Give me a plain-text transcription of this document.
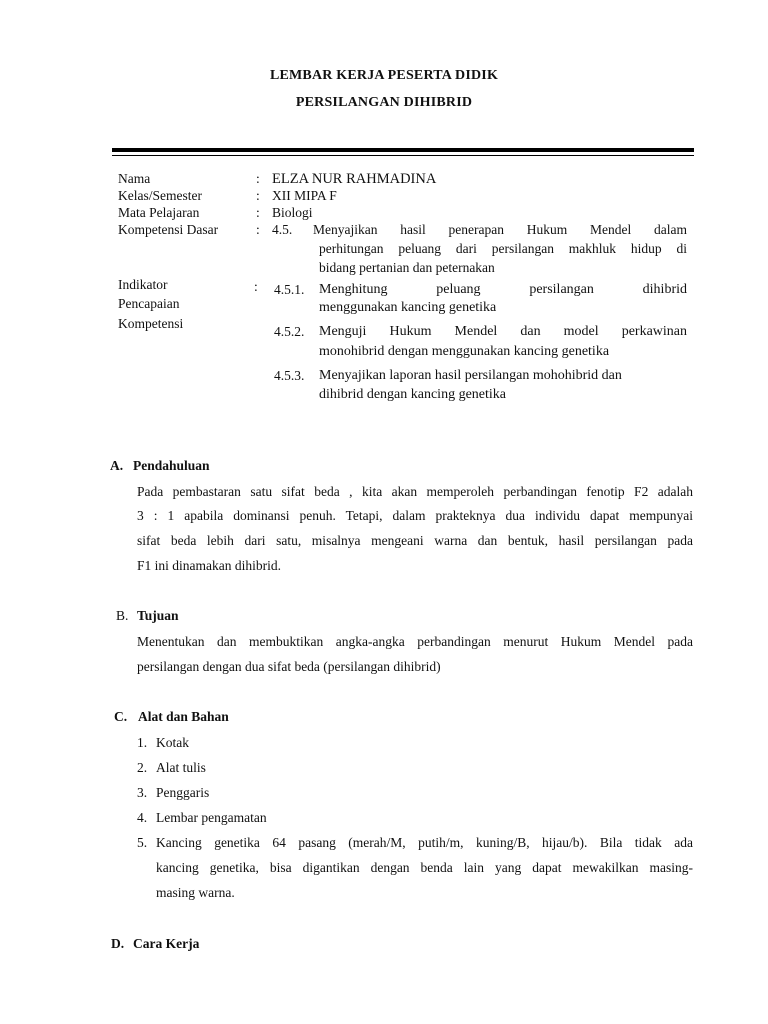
LEMBAR KERJA PESERTA DIDIK
PERSILANGAN DIHIBRID
Nama	: ELZA NUR RAHMADINA
Kelas/Semester	: XII MIPA F
Mata Pelajaran	: Biologi
Kompetensi Dasar	: 4.5. Menyajikan hasil penerapan Hukum Mendel dalam
perhitungan peluang dari persilangan makhluk hidup di
bidang pertanian dan peternakan
Indikator
Pencapaian
Kompetensi
: 4.5.1. Menghitung peluang persilangan dihibrid
menggunakan kancing genetika
4.5.2. Menguji Hukum Mendel dan model perkawinan
monohibrid dengan menggunakan kancing genetika
4.5.3. Menyajikan laporan hasil persilangan mohohibrid dan
dihibrid dengan kancing genetika
A. Pendahuluan
Pada pembastaran satu sifat beda , kita akan memperoleh perbandingan fenotip F2 adalah
3 : 1 apabila dominansi penuh. Tetapi, dalam prakteknya dua individu dapat mempunyai
sifat beda lebih dari satu, misalnya mengeani warna dan bentuk, hasil persilangan pada
F1 ini dinamakan dihibrid.
B. Tujuan
Menentukan dan membuktikan angka-angka perbandingan menurut Hukum Mendel pada
persilangan dengan dua sifat beda (persilangan dihibrid)
C. Alat dan Bahan
1. Kotak
2. Alat tulis
3. Penggaris
4. Lembar pengamatan
5. Kancing genetika 64 pasang (merah/M, putih/m, kuning/B, hijau/b). Bila tidak ada
kancing genetika, bisa digantikan dengan benda lain yang dapat mewakilkan masing-
masing warna.
D. Cara Kerja
